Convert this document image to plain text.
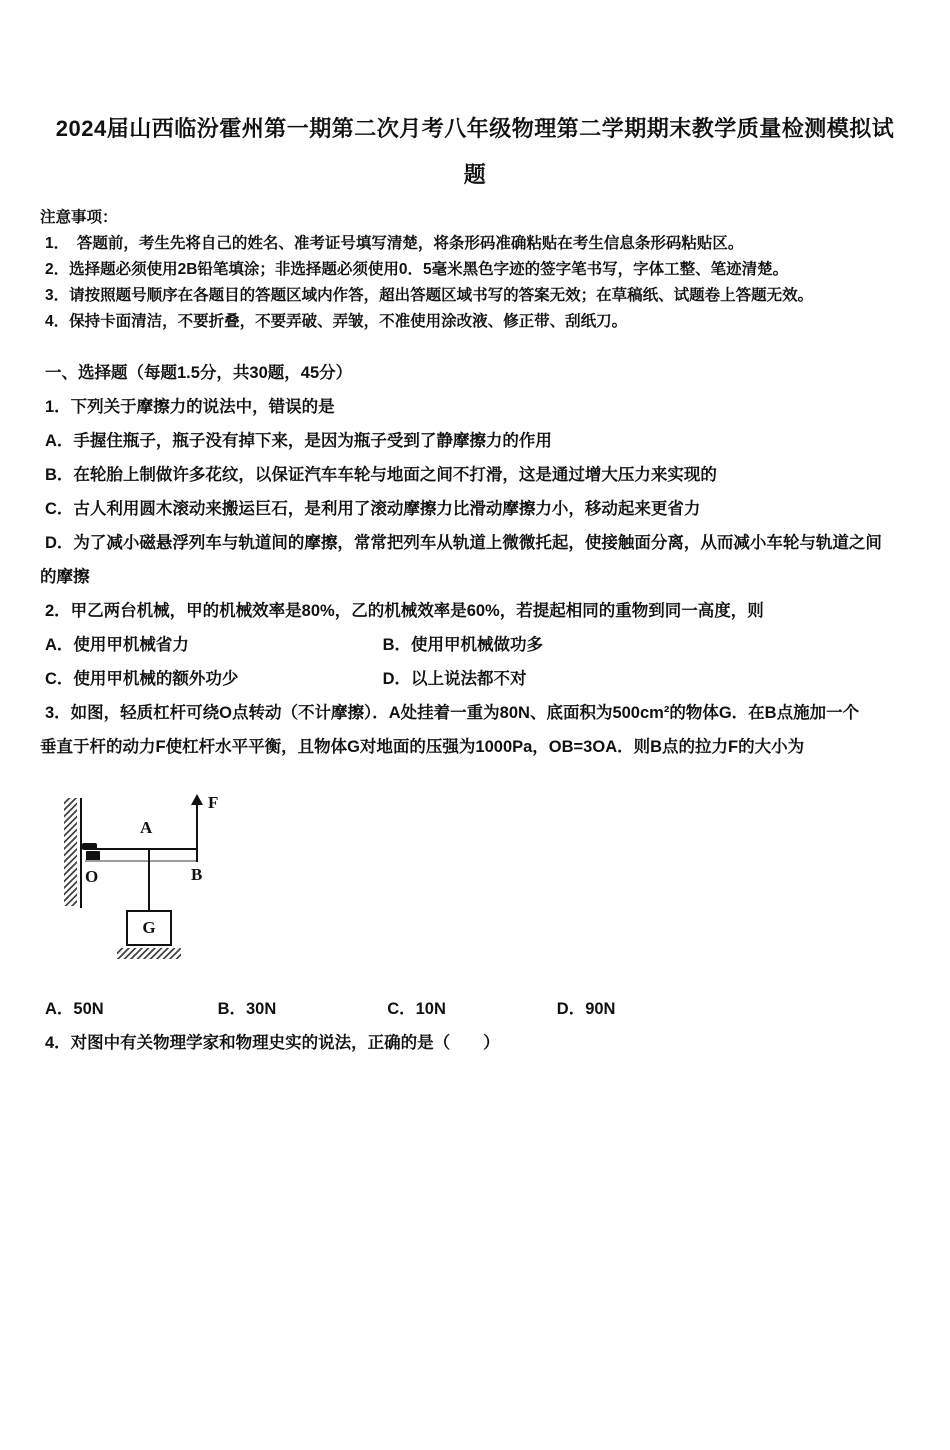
2024届山西临汾霍州第一期第二次月考八年级物理第二学期期末教学质量检测模拟试
题
注意事项：
1．　答题前，考生先将自己的姓名、准考证号填写清楚，将条形码准确粘贴在考生信息条形码粘贴区。
2．选择题必须使用2B铅笔填涂；非选择题必须使用0．5毫米黑色字迹的签字笔书写，字体工整、笔迹清楚。
3．请按照题号顺序在各题目的答题区域内作答，超出答题区域书写的答案无效；在草稿纸、试题卷上答题无效。
4．保持卡面清洁，不要折叠，不要弄破、弄皱，不准使用涂改液、修正带、刮纸刀。
一、选择题（每题1.5分，共30题，45分）
1．下列关于摩擦力的说法中，错误的是
A．手握住瓶子，瓶子没有掉下来，是因为瓶子受到了静摩擦力的作用
B．在轮胎上制做许多花纹，以保证汽车车轮与地面之间不打滑，这是通过增大压力来实现的
C．古人利用圆木滚动来搬运巨石，是利用了滚动摩擦力比滑动摩擦力小，移动起来更省力
D．为了减小磁悬浮列车与轨道间的摩擦，常常把列车从轨道上微微托起，使接触面分离，从而减小车轮与轨道之间
的摩擦
2．甲乙两台机械，甲的机械效率是80%，乙的机械效率是60%，若提起相同的重物到同一高度，则
A．使用甲机械省力	B．使用甲机械做功多
C．使用甲机械的额外功少	D．以上说法都不对
3．如图，轻质杠杆可绕O点转动（不计摩擦）．A处挂着一重为80N、底面积为500cm²的物体G．在B点施加一个
垂直于杆的动力F使杠杆水平平衡，且物体G对地面的压强为1000Pa，OB=3OA．则B点的拉力F的大小为
F
A
B
O
G
A．50N	B．30N	C．10N	D．90N
4．对图中有关物理学家和物理史实的说法，正确的是（　　）
